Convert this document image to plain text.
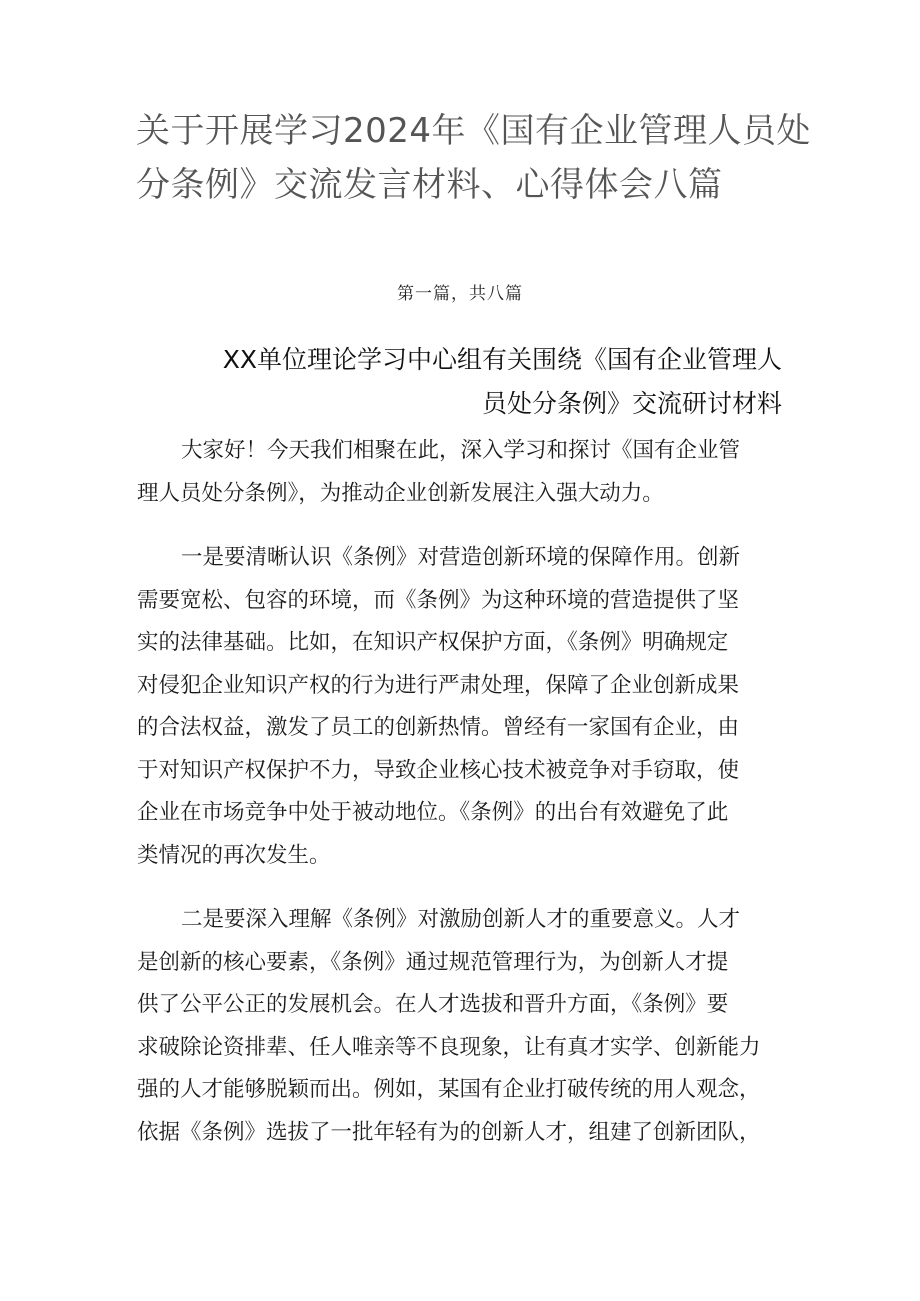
关于开展学习2024年《国有企业管理人员处
分条例》交流发言材料、心得体会八篇
第一篇，共八篇
XX单位理论学习中心组有关围绕《国有企业管理人
员处分条例》交流研讨材料
大家好！今天我们相聚在此，深入学习和探讨《国有企业管
理人员处分条例》，为推动企业创新发展注入强大动力。
一是要清晰认识《条例》对营造创新环境的保障作用。创新
需要宽松、包容的环境，而《条例》为这种环境的营造提供了坚
实的法律基础。比如，在知识产权保护方面，《条例》明确规定
对侵犯企业知识产权的行为进行严肃处理，保障了企业创新成果
的合法权益，激发了员工的创新热情。曾经有一家国有企业，由
于对知识产权保护不力，导致企业核心技术被竞争对手窃取，使
企业在市场竞争中处于被动地位。《条例》的出台有效避免了此
类情况的再次发生。
二是要深入理解《条例》对激励创新人才的重要意义。人才
是创新的核心要素，《条例》通过规范管理行为，为创新人才提
供了公平公正的发展机会。在人才选拔和晋升方面，《条例》要
求破除论资排辈、任人唯亲等不良现象，让有真才实学、创新能力
强的人才能够脱颖而出。例如，某国有企业打破传统的用人观念，
依据《条例》选拔了一批年轻有为的创新人才，组建了创新团队，
